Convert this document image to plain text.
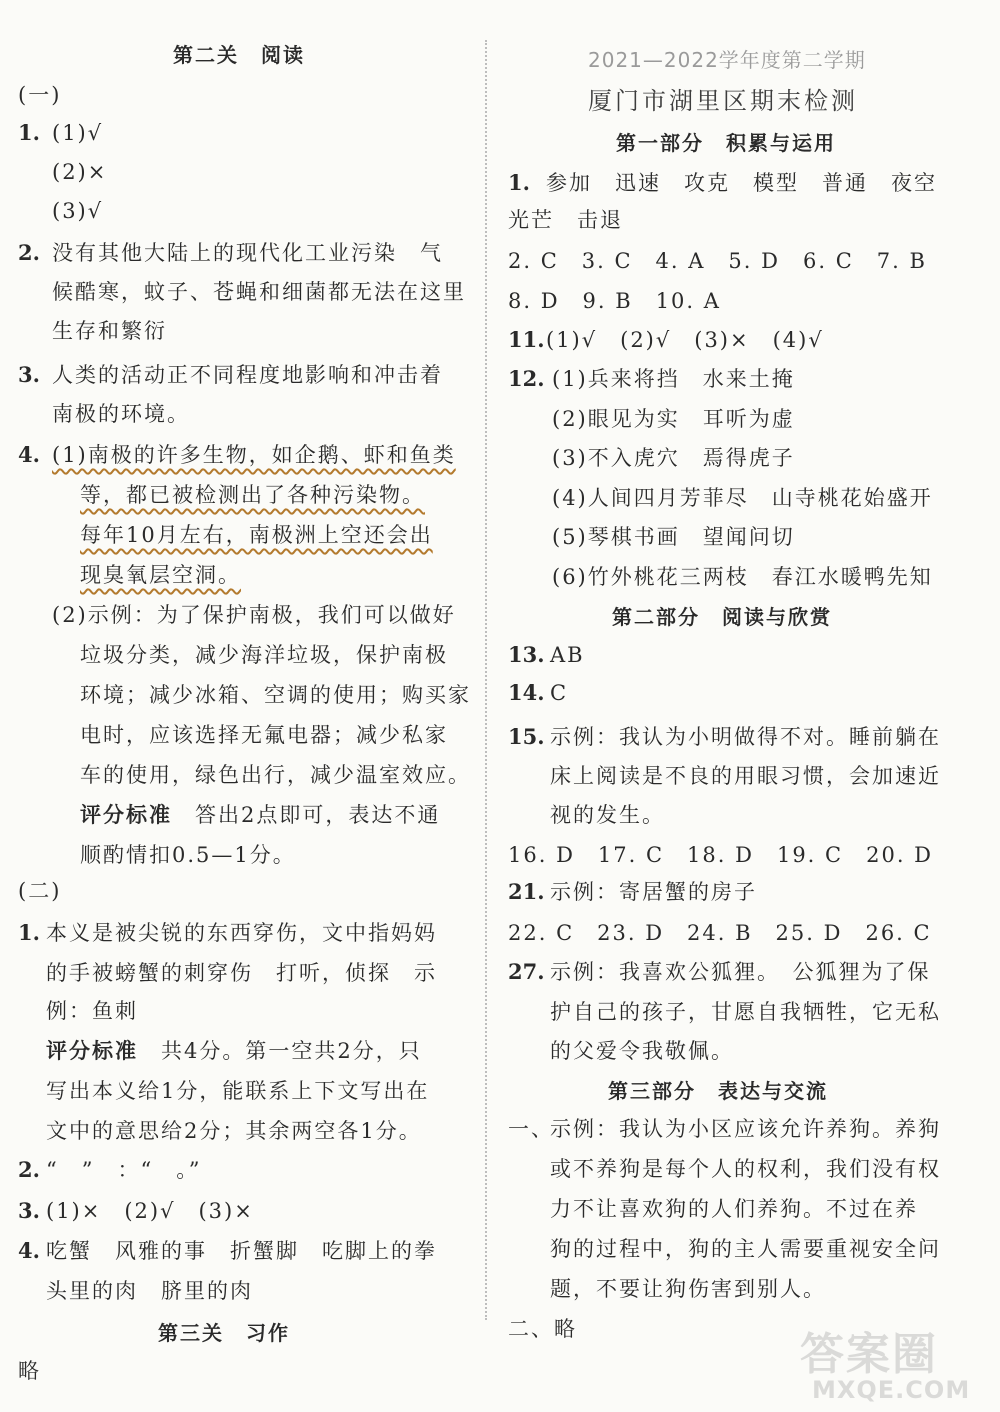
第二关　阅读
(一)
1. (1)√
(2)×
(3)√
2. 没有其他大陆上的现代化工业污染　气
候酷寒，蚊子、苍蝇和细菌都无法在这里
生存和繁衍
3. 人类的活动正不同程度地影响和冲击着
南极的环境。
4. (1)南极的许多生物，如企鹅、虾和鱼类
等，都已被检测出了各种污染物。
每年10月左右，南极洲上空还会出
现臭氧层空洞。
(2)示例：为了保护南极，我们可以做好
垃圾分类，减少海洋垃圾，保护南极
环境；减少冰箱、空调的使用；购买家
电时，应该选择无氟电器；减少私家
车的使用，绿色出行，减少温室效应。
评分标准　答出2点即可，表达不通
顺酌情扣0.5—1分。
(二)
1. 本义是被尖锐的东西穿伤，文中指妈妈
的手被螃蟹的刺穿伤　打听，侦探　示
例：鱼刺
评分标准　共4分。第一空共2分，只
写出本义给1分，能联系上下文写出在
文中的意思给2分；其余两空各1分。
2. “　”　：“　。”
3. (1)×　(2)√　(3)×
4. 吃蟹　风雅的事　折蟹脚　吃脚上的拳
头里的肉　脐里的肉
第三关　习作
略
2021—2022学年度第二学期
厦门市湖里区期末检测
第一部分　积累与运用
1. 参加　迅速　攻克　模型　普通　夜空
光芒　击退
2. C　3. C　4. A　5. D　6. C　7. B
8. D　9. B　10. A
11. (1)√　(2)√　(3)×　(4)√
12. (1)兵来将挡　水来土掩
(2)眼见为实　耳听为虚
(3)不入虎穴　焉得虎子
(4)人间四月芳菲尽　山寺桃花始盛开
(5)琴棋书画　望闻问切
(6)竹外桃花三两枝　春江水暖鸭先知
第二部分　阅读与欣赏
13. AB
14. C
15. 示例：我认为小明做得不对。睡前躺在
床上阅读是不良的用眼习惯，会加速近
视的发生。
16. D　17. C　18. D　19. C　20. D
21. 示例：寄居蟹的房子
22. C　23. D　24. B　25. D　26. C
27. 示例：我喜欢公狐狸。　公狐狸为了保
护自己的孩子，甘愿自我牺牲，它无私
的父爱令我敬佩。
第三部分　表达与交流
一、
示例：我认为小区应该允许养狗。养狗
或不养狗是每个人的权利，我们没有权
力不让喜欢狗的人们养狗。不过在养
狗的过程中，狗的主人需要重视安全问
题，不要让狗伤害到别人。
二、略	答案圈
MXQE.COM
